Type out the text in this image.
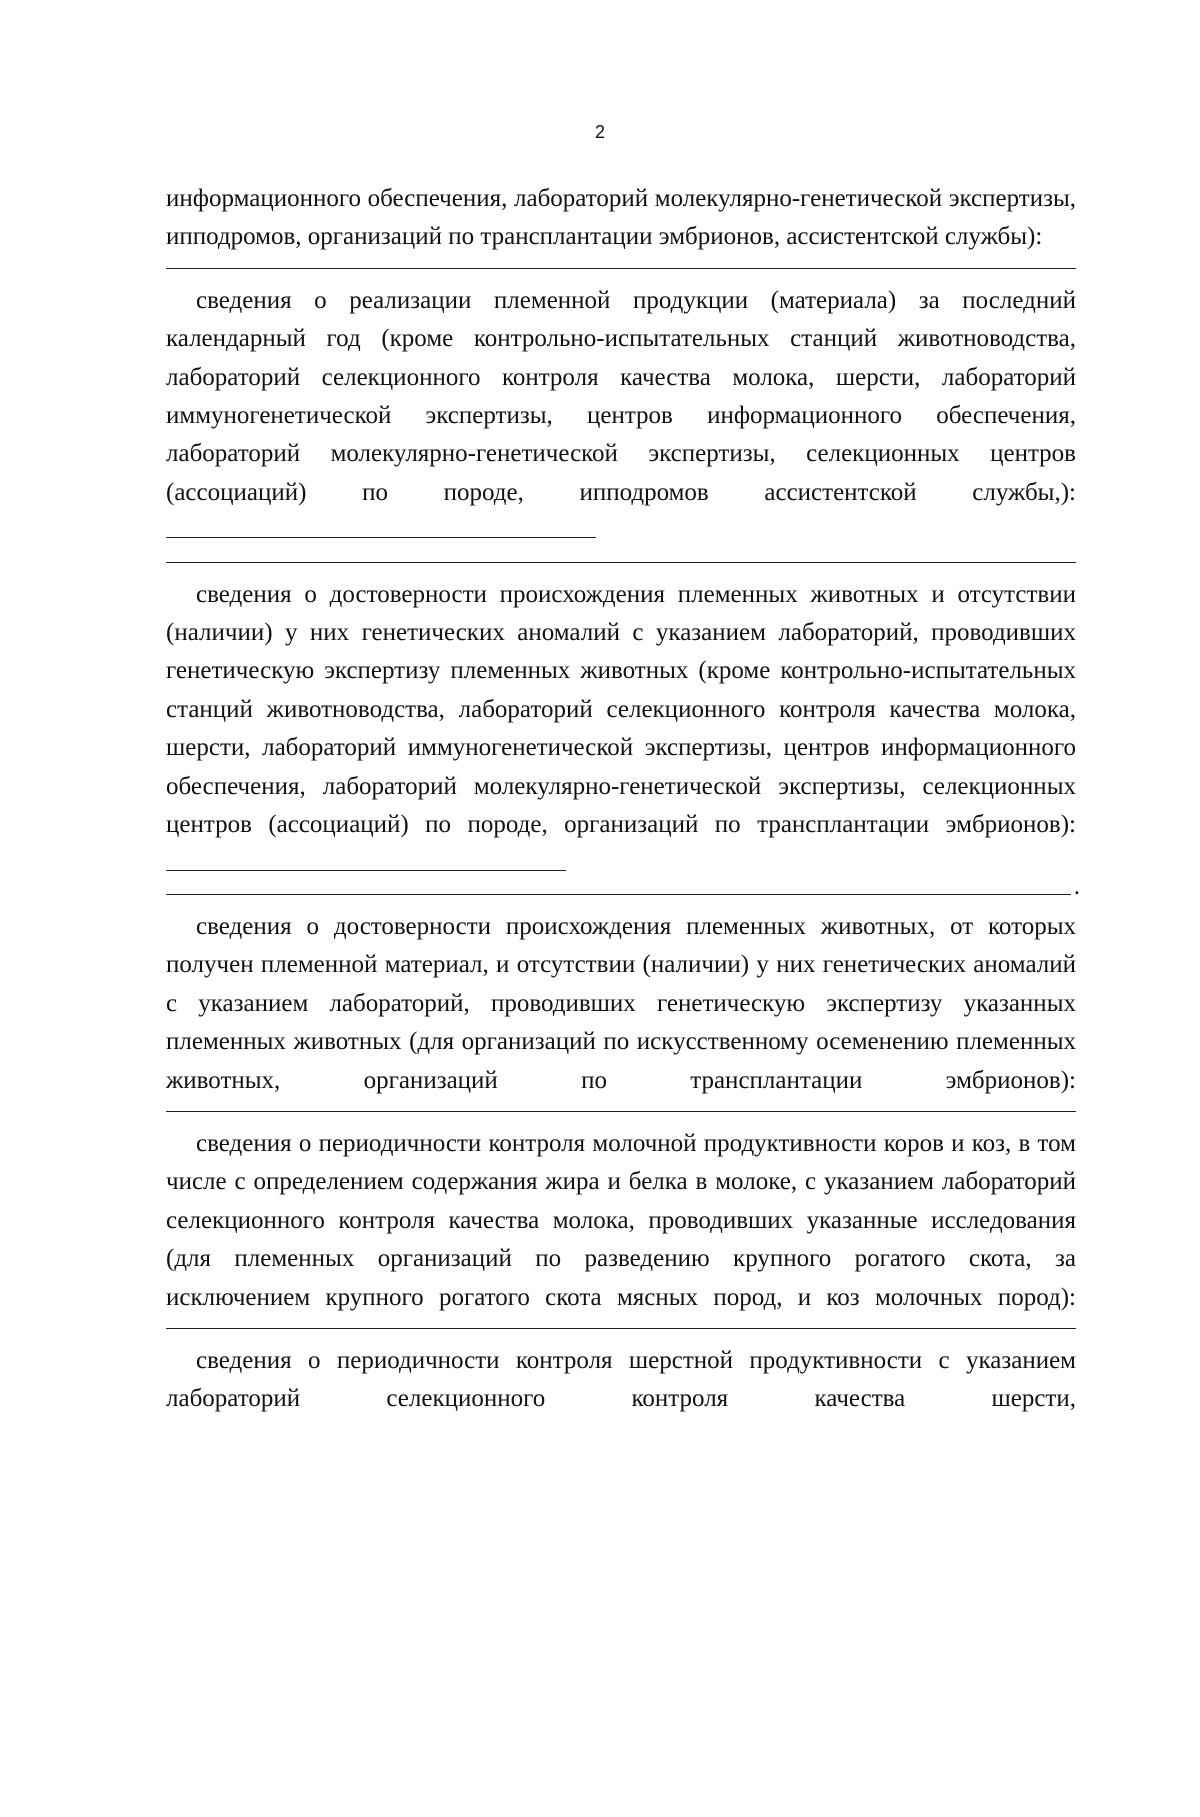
2

информационного обеспечения, лабораторий молекулярно-генетической экспертизы, ипподромов, организаций по трансплантации эмбрионов, ассистентской службы):

сведения о реализации племенной продукции (материала) за последний календарный год (кроме контрольно-испытательных станций животноводства, лабораторий селекционного контроля качества молока, шерсти, лабораторий иммуногенетической экспертизы, центров информационного обеспечения, лабораторий молекулярно-генетической экспертизы, селекционных центров (ассоциаций) по породе, ипподромов ассистентской службы,):

сведения о достоверности происхождения племенных животных и отсутствии (наличии) у них генетических аномалий с указанием лабораторий, проводивших генетическую экспертизу племенных животных (кроме контрольно-испытательных станций животноводства, лабораторий селекционного контроля качества молока, шерсти, лабораторий иммуногенетической экспертизы, центров информационного обеспечения, лабораторий молекулярно-генетической экспертизы, селекционных центров (ассоциаций) по породе, организаций по трансплантации эмбрионов):

.

сведения о достоверности происхождения племенных животных, от которых получен племенной материал, и отсутствии (наличии) у них генетических аномалий с указанием лабораторий, проводивших генетическую экспертизу указанных племенных животных (для организаций по искусственному осеменению племенных животных, организаций по трансплантации эмбрионов):

сведения о периодичности контроля молочной продуктивности коров и коз, в том числе с определением содержания жира и белка в молоке, с указанием лабораторий селекционного контроля качества молока, проводивших указанные исследования (для племенных организаций по разведению крупного рогатого скота, за исключением крупного рогатого скота мясных пород, и коз молочных пород):

сведения о периодичности контроля шерстной продуктивности с указанием лабораторий селекционного контроля качества шерсти,
